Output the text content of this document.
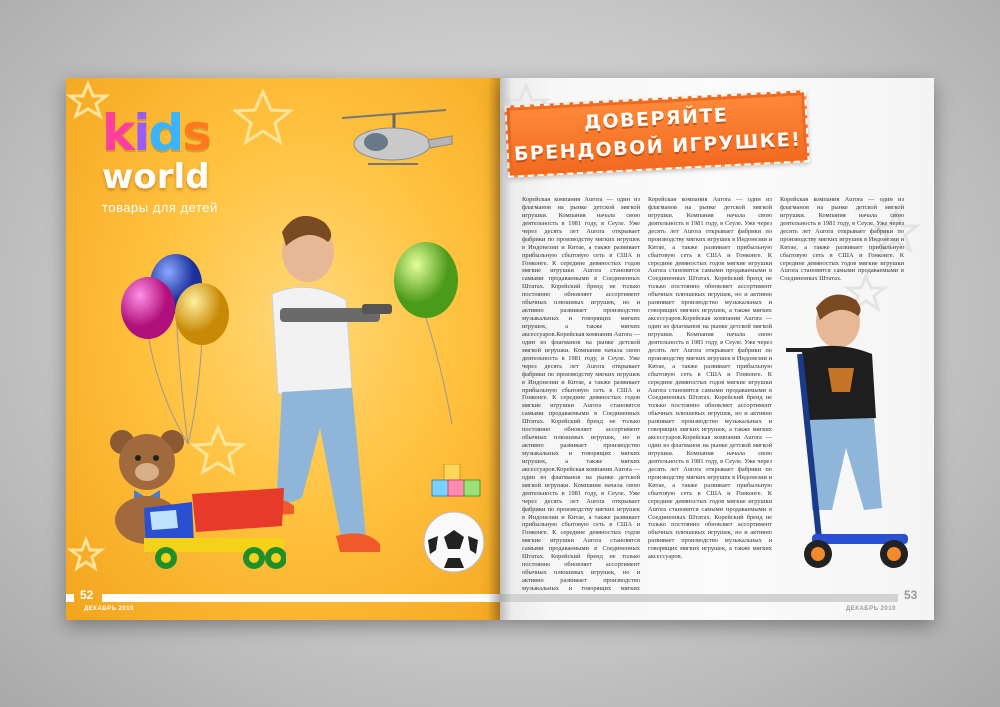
kids
world
товары для детей
52
ДЕКАБРЬ 2010
ДОВЕРЯЙТЕ
БРЕНДОВОЙ ИГРУШКЕ!
Корейская компания Aurora — один из флагманов на рынке детской мягкой игрушки. Компания начала свою деятельность в 1981 году, в Сеуле. Уже через десять лет Aurora открывает фабрики по производству мягких игрушек в Индонезии и Китае, а также развивает прибыльную сбытовую сеть в США и Гонконге. К середине девяностых годов мягкие игрушки Aurora становятся самыми продаваемыми в Соединенных Штатах. Корейский бренд не только постоянно обновляет ассортимент обычных плюшевых игрушек, но и активно развивает производство музыкальных и говорящих мягких игрушек, а также мягких аксессуаров.Корейская компания Aurora — один из флагманов на рынке детской мягкой игрушки. Компания начала свою деятельность в 1981 году, в Сеуле. Уже через десять лет Aurora открывает фабрики по производству мягких игрушек в Индонезии и Китае, а также развивает прибыльную сбытовую сеть в США и Гонконге. К середине девяностых годов мягкие игрушки Aurora становятся самыми продаваемыми в Соединенных Штатах. Корейский бренд не только постоянно обновляет ассортимент обычных плюшевых игрушек, но и активно развивает производство музыкальных и говорящих мягких игрушек, а также мягких аксессуаров.Корейская компания Aurora — один из флагманов на рынке детской мягкой игрушки. Компания начала свою деятельность в 1981 году, в Сеуле. Уже через десять лет Aurora открывает фабрики по производству мягких игрушек в Индонезии и Китае, а также развивает прибыльную сбытовую сеть в США и Гонконге. К середине девяностых годов мягкие игрушки Aurora становятся самыми продаваемыми в Соединенных Штатах. Корейский бренд не только постоянно обновляет ассортимент обычных плюшевых игрушек, но и активно развивает производство музыкальных и говорящих мягких
Корейская компания Aurora — один из флагманов на рынке детской мягкой игрушки. Компания начала свою деятельность в 1981 году, в Сеуле. Уже через десять лет Aurora открывает фабрики по производству мягких игрушек в Индонезии и Китае, а также развивает прибыльную сбытовую сеть в США и Гонконге. К середине девяностых годов мягкие игрушки Aurora становятся самыми продаваемыми в Соединенных Штатах. Корейский бренд не только постоянно обновляет ассортимент обычных плюшевых игрушек, но и активно развивает производство музыкальных и говорящих мягких игрушек, а также мягких аксессуаров.Корейская компания Aurora — один из флагманов на рынке детской мягкой игрушки. Компания начала свою деятельность в 1981 году, в Сеуле. Уже через десять лет Aurora открывает фабрики по производству мягких игрушек в Индонезии и Китае, а также развивает прибыльную сбытовую сеть в США и Гонконге. К середине девяностых годов мягкие игрушки Aurora становятся самыми продаваемыми в Соединенных Штатах. Корейский бренд не только постоянно обновляет ассортимент обычных плюшевых игрушек, но и активно развивает производство музыкальных и говорящих мягких игрушек, а также мягких аксессуаров.Корейская компания Aurora — один из флагманов на рынке детской мягкой игрушки. Компания начала свою деятельность в 1981 году, в Сеуле. Уже через десять лет Aurora открывает фабрики по производству мягких игрушек в Индонезии и Китае, а также развивает прибыльную сбытовую сеть в США и Гонконге. К середине девяностых годов мягкие игрушки Aurora становятся самыми продаваемыми в Соединенных Штатах. Корейский бренд не только постоянно обновляет ассортимент обычных плюшевых игрушек, но и активно развивает производство музыкальных и говорящих мягких игрушек, а также мягких аксессуаров.
Корейская компания Aurora — один из флагманов на рынке детской мягкой игрушки. Компания начала свою деятельность в 1981 году, в Сеуле. Уже через десять лет Aurora открывает фабрики по производству мягких игрушек в Индонезии и Китае, а также развивает прибыльную сбытовую сеть в США и Гонконге. К середине девяностых годов мягкие игрушки Aurora становятся самыми продаваемыми в Соединенных Штатах.
53
ДЕКАБРЬ 2010
